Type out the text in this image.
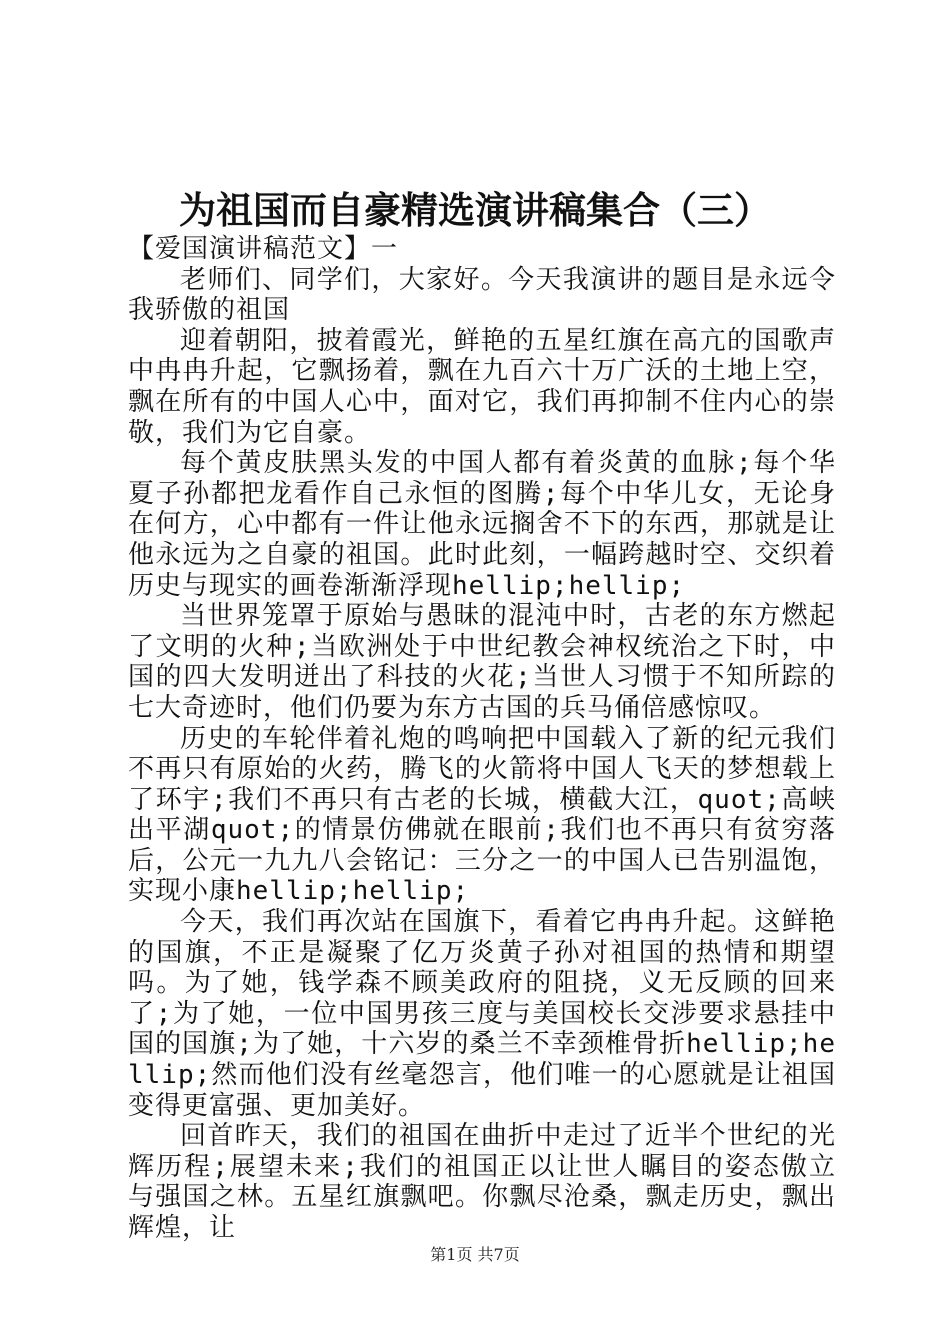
为祖国而自豪精选演讲稿集合（三）

【爱国演讲稿范文】一

老师们、同学们，大家好。今天我演讲的题目是永远令我骄傲的祖国

迎着朝阳，披着霞光，鲜艳的五星红旗在高亢的国歌声中冉冉升起，它飘扬着，飘在九百六十万广沃的土地上空，飘在所有的中国人心中，面对它，我们再抑制不住内心的崇敬，我们为它自豪。

每个黄皮肤黑头发的中国人都有着炎黄的血脉;每个华夏子孙都把龙看作自己永恒的图腾;每个中华儿女，无论身在何方，心中都有一件让他永远搁舍不下的东西，那就是让他永远为之自豪的祖国。此时此刻，一幅跨越时空、交织着历史与现实的画卷渐渐浮现hellip;hellip;

当世界笼罩于原始与愚昧的混沌中时，古老的东方燃起了文明的火种;当欧洲处于中世纪教会神权统治之下时，中国的四大发明迸出了科技的火花;当世人习惯于不知所踪的七大奇迹时，他们仍要为东方古国的兵马俑倍感惊叹。

历史的车轮伴着礼炮的鸣响把中国载入了新的纪元我们不再只有原始的火药，腾飞的火箭将中国人飞天的梦想载上了环宇;我们不再只有古老的长城，横截大江，quot;高峡出平湖quot;的情景仿佛就在眼前;我们也不再只有贫穷落后，公元一九九八会铭记：三分之一的中国人已告别温饱，实现小康hellip;hellip;

今天，我们再次站在国旗下，看着它冉冉升起。这鲜艳的国旗，不正是凝聚了亿万炎黄子孙对祖国的热情和期望吗。为了她，钱学森不顾美政府的阻挠，义无反顾的回来了;为了她，一位中国男孩三度与美国校长交涉要求悬挂中国的国旗;为了她，十六岁的桑兰不幸颈椎骨折hellip;hellip;然而他们没有丝毫怨言，他们唯一的心愿就是让祖国变得更富强、更加美好。

回首昨天，我们的祖国在曲折中走过了近半个世纪的光辉历程;展望未来;我们的祖国正以让世人瞩目的姿态傲立与强国之林。五星红旗飘吧。你飘尽沧桑，飘走历史，飘出辉煌，让

第1页 共7页
